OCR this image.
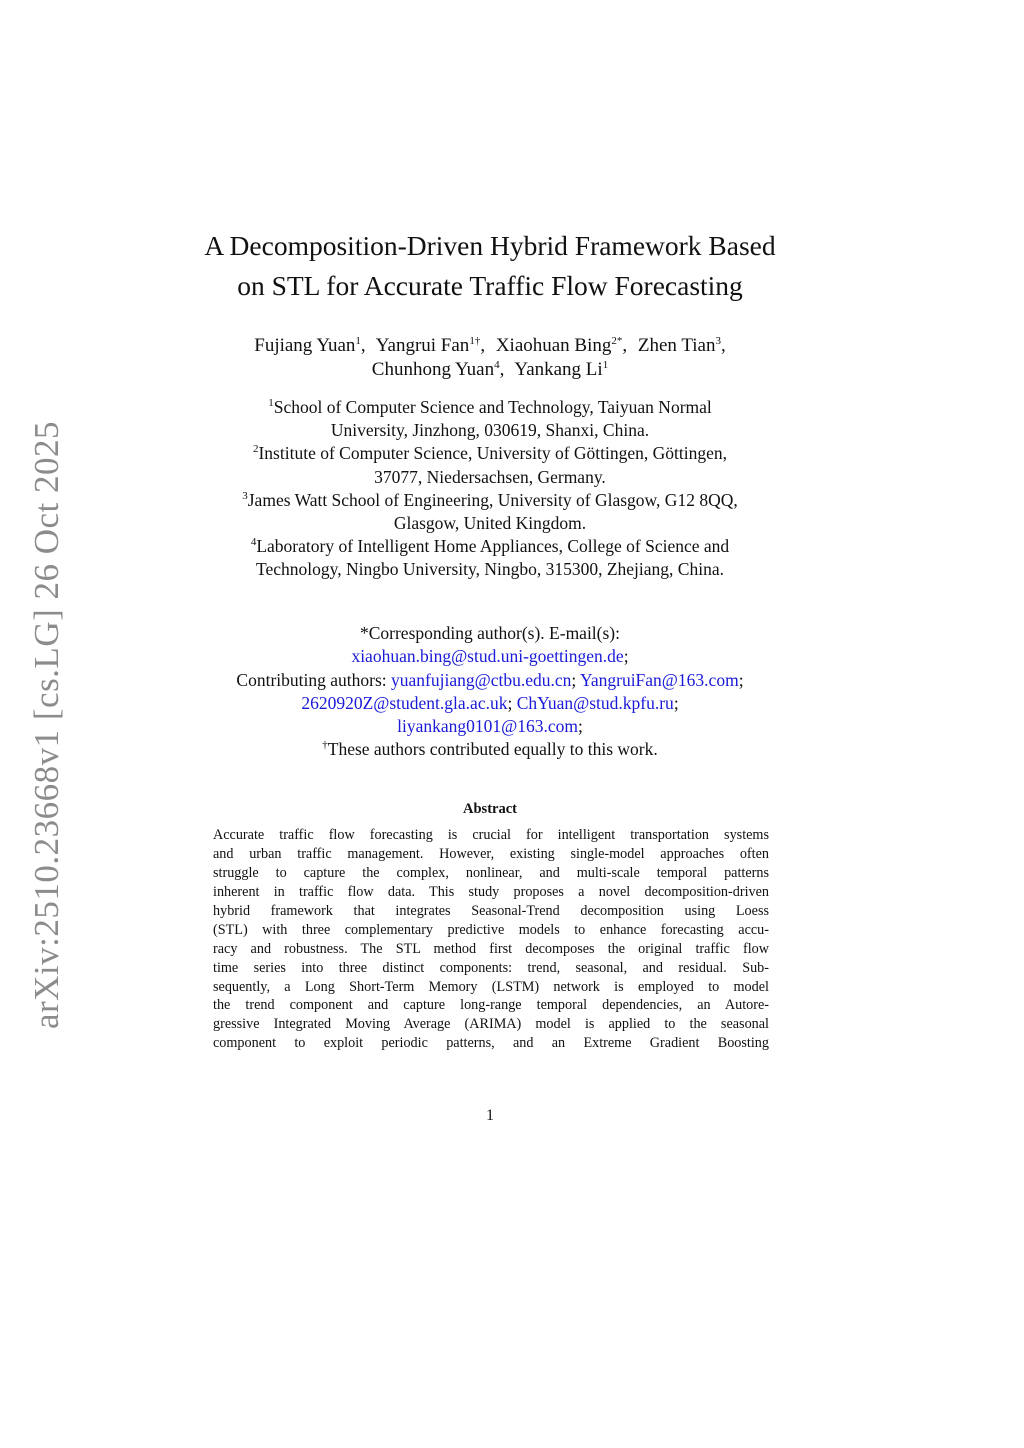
arXiv:2510.23668v1 [cs.LG] 26 Oct 2025
A Decomposition-Driven Hybrid Framework Based
on STL for Accurate Traffic Flow Forecasting
Fujiang Yuan$^1$, Yangrui Fan$^{1\dagger}$, Xiaohuan Bing$^{2*}$, Zhen Tian$^3$,
Chunhong Yuan$^4$, Yankang Li$^1$
$^1$School of Computer Science and Technology, Taiyuan Normal
University, Jinzhong, 030619, Shanxi, China.
$^2$Institute of Computer Science, University of Göttingen, Göttingen,
37077, Niedersachsen, Germany.
$^3$James Watt School of Engineering, University of Glasgow, G12 8QQ,
Glasgow, United Kingdom.
$^4$Laboratory of Intelligent Home Appliances, College of Science and
Technology, Ningbo University, Ningbo, 315300, Zhejiang, China.
*Corresponding author(s). E-mail(s):
xiaohuan.bing@stud.uni-goettingen.de;
Contributing authors: yuanfujiang@ctbu.edu.cn; YangruiFan@163.com;
2620920Z@student.gla.ac.uk; ChYuan@stud.kpfu.ru;
liyankang0101@163.com;
†These authors contributed equally to this work.
Abstract
Accurate traffic flow forecasting is crucial for intelligent transportation systems
and urban traffic management. However, existing single-model approaches often
struggle to capture the complex, nonlinear, and multi-scale temporal patterns
inherent in traffic flow data. This study proposes a novel decomposition-driven
hybrid framework that integrates Seasonal-Trend decomposition using Loess
(STL) with three complementary predictive models to enhance forecasting accu-
racy and robustness. The STL method first decomposes the original traffic flow
time series into three distinct components: trend, seasonal, and residual. Sub-
sequently, a Long Short-Term Memory (LSTM) network is employed to model
the trend component and capture long-range temporal dependencies, an Autore-
gressive Integrated Moving Average (ARIMA) model is applied to the seasonal
component to exploit periodic patterns, and an Extreme Gradient Boosting
1
